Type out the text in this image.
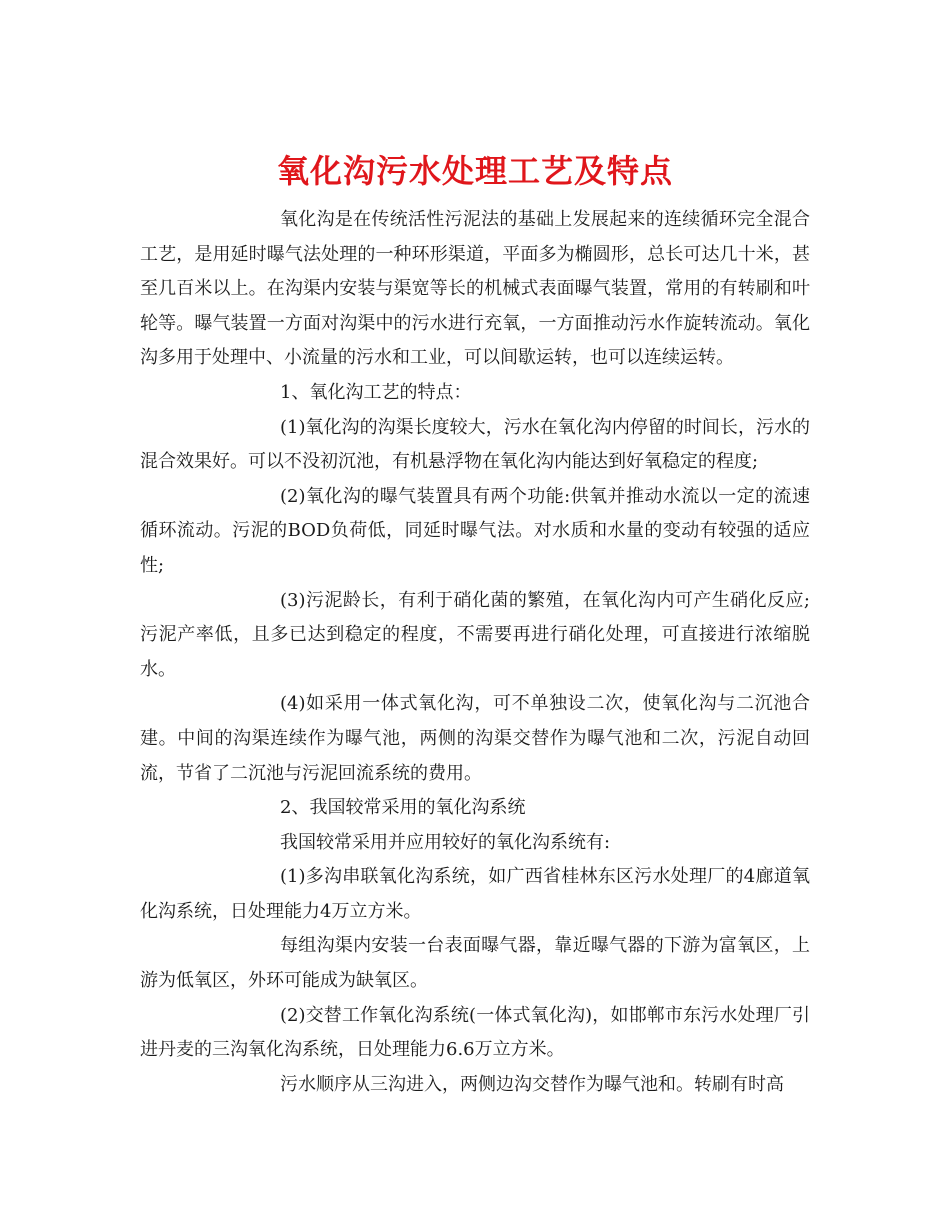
氧化沟污水处理工艺及特点

氧化沟是在传统活性污泥法的基础上发展起来的连续循环完全混合工艺，是用延时曝气法处理的一种环形渠道，平面多为椭圆形，总长可达几十米，甚至几百米以上。在沟渠内安装与渠宽等长的机械式表面曝气装置，常用的有转刷和叶轮等。曝气装置一方面对沟渠中的污水进行充氧，一方面推动污水作旋转流动。氧化沟多用于处理中、小流量的污水和工业，可以间歇运转，也可以连续运转。

1、氧化沟工艺的特点：

(1)氧化沟的沟渠长度较大，污水在氧化沟内停留的时间长，污水的混合效果好。可以不没初沉池，有机悬浮物在氧化沟内能达到好氧稳定的程度;

(2)氧化沟的曝气装置具有两个功能:供氧并推动水流以一定的流速循环流动。污泥的BOD负荷低，同延时曝气法。对水质和水量的变动有较强的适应性;

(3)污泥龄长，有利于硝化菌的繁殖，在氧化沟内可产生硝化反应;污泥产率低，且多已达到稳定的程度，不需要再进行硝化处理，可直接进行浓缩脱水。

(4)如采用一体式氧化沟，可不单独设二次，使氧化沟与二沉池合建。中间的沟渠连续作为曝气池，两侧的沟渠交替作为曝气池和二次，污泥自动回流，节省了二沉池与污泥回流系统的费用。

2、我国较常采用的氧化沟系统

我国较常采用并应用较好的氧化沟系统有:

(1)多沟串联氧化沟系统，如广西省桂林东区污水处理厂的4廊道氧化沟系统，日处理能力4万立方米。

每组沟渠内安装一台表面曝气器，靠近曝气器的下游为富氧区，上游为低氧区，外环可能成为缺氧区。

(2)交替工作氧化沟系统(一体式氧化沟)，如邯郸市东污水处理厂引进丹麦的三沟氧化沟系统，日处理能力6.6万立方米。

污水顺序从三沟进入，两侧边沟交替作为曝气池和。转刷有时高
